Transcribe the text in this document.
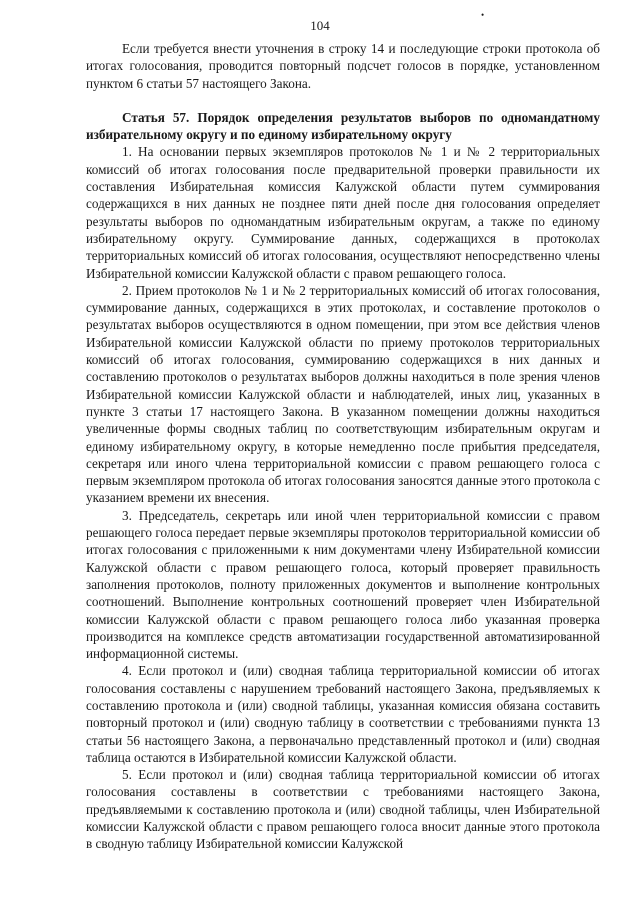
104
•

Если требуется внести уточнения в строку 14 и последующие строки протокола об итогах голосования, проводится повторный подсчет голосов в порядке, установленном пунктом 6 статьи 57 настоящего Закона.

Статья 57. Порядок определения результатов выборов по одномандатному избирательному округу и по единому избирательному округу

1. На основании первых экземпляров протоколов № 1 и № 2 территориальных комиссий об итогах голосования после предварительной проверки правильности их составления Избирательная комиссия Калужской области путем суммирования содержащихся в них данных не позднее пяти дней после дня голосования определяет результаты выборов по одномандатным избирательным округам, а также по единому избирательному округу. Суммирование данных, содержащихся в протоколах территориальных комиссий об итогах голосования, осуществляют непосредственно члены Избирательной комиссии Калужской области с правом решающего голоса.

2. Прием протоколов № 1 и № 2 территориальных комиссий об итогах голосования, суммирование данных, содержащихся в этих протоколах, и составление протоколов о результатах выборов осуществляются в одном помещении, при этом все действия членов Избирательной комиссии Калужской области по приему протоколов территориальных комиссий об итогах голосования, суммированию содержащихся в них данных и составлению протоколов о результатах выборов должны находиться в поле зрения членов Избирательной комиссии Калужской области и наблюдателей, иных лиц, указанных в пункте 3 статьи 17 настоящего Закона. В указанном помещении должны находиться увеличенные формы сводных таблиц по соответствующим избирательным округам и единому избирательному округу, в которые немедленно после прибытия председателя, секретаря или иного члена территориальной комиссии с правом решающего голоса с первым экземпляром протокола об итогах голосования заносятся данные этого протокола с указанием времени их внесения.

3. Председатель, секретарь или иной член территориальной комиссии с правом решающего голоса передает первые экземпляры протоколов территориальной комиссии об итогах голосования с приложенными к ним документами члену Избирательной комиссии Калужской области с правом решающего голоса, который проверяет правильность заполнения протоколов, полноту приложенных документов и выполнение контрольных соотношений. Выполнение контрольных соотношений проверяет член Избирательной комиссии Калужской области с правом решающего голоса либо указанная проверка производится на комплексе средств автоматизации государственной автоматизированной информационной системы.

4. Если протокол и (или) сводная таблица территориальной комиссии об итогах голосования составлены с нарушением требований настоящего Закона, предъявляемых к составлению протокола и (или) сводной таблицы, указанная комиссия обязана составить повторный протокол и (или) сводную таблицу в соответствии с требованиями пункта 13 статьи 56 настоящего Закона, а первоначально представленный протокол и (или) сводная таблица остаются в Избирательной комиссии Калужской области.

5. Если протокол и (или) сводная таблица территориальной комиссии об итогах голосования составлены в соответствии с требованиями настоящего Закона, предъявляемыми к составлению протокола и (или) сводной таблицы, член Избирательной комиссии Калужской области с правом решающего голоса вносит данные этого протокола в сводную таблицу Избирательной комиссии Калужской
